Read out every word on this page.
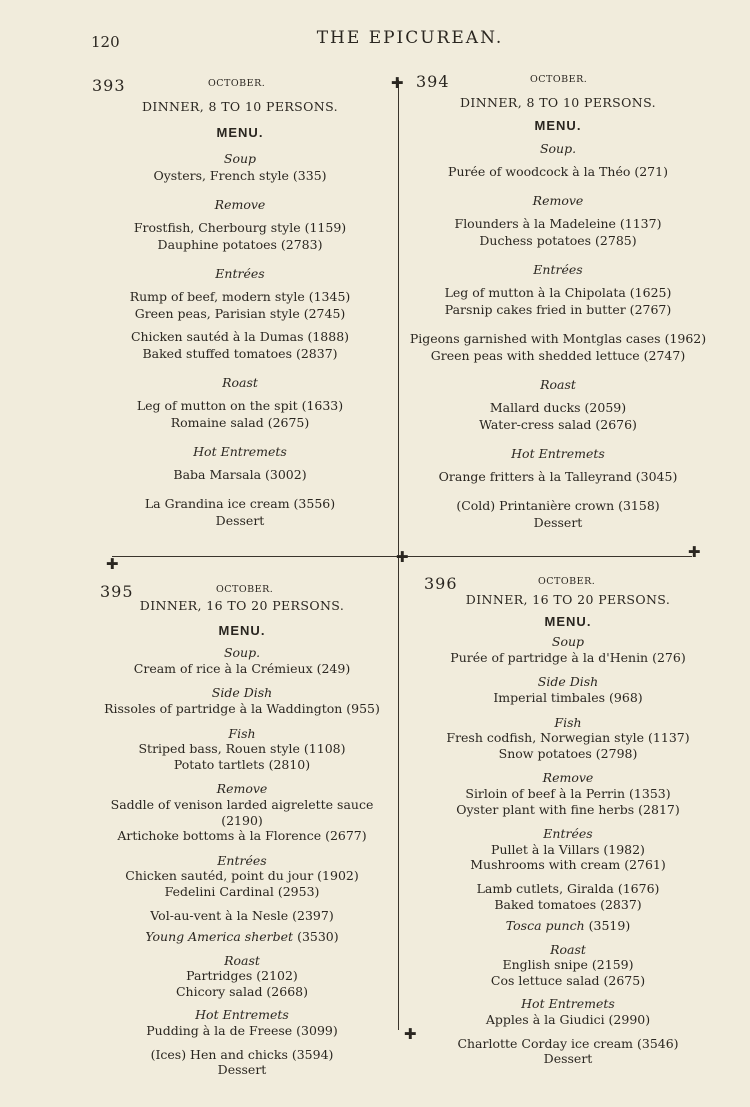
120	THE EPICUREAN.
✚
✚	✚	✚
✚
393	OCTOBER.
DINNER, 8 TO 10 PERSONS.
MENU.
Soup
Oysters, French style (335)
Remove
Frostfish, Cherbourg style (1159)
Dauphine potatoes (2783)
Entrées
Rump of beef, modern style (1345)
Green peas, Parisian style (2745)
Chicken sautéd à la Dumas (1888)
Baked stuffed tomatoes (2837)
Roast
Leg of mutton on the spit (1633)
Romaine salad (2675)
Hot Entremets
Baba Marsala (3002)
La Grandina ice cream (3556)
Dessert
394	OCTOBER.
DINNER, 8 TO 10 PERSONS.
MENU.
Soup.
Purée of woodcock à la Théo (271)
Remove
Flounders à la Madeleine (1137)
Duchess potatoes (2785)
Entrées
Leg of mutton à la Chipolata (1625)
Parsnip cakes fried in butter (2767)
Pigeons garnished with Montglas cases (1962)
Green peas with shedded lettuce (2747)
Roast
Mallard ducks (2059)
Water-cress salad (2676)
Hot Entremets
Orange fritters à la Talleyrand (3045)
(Cold) Printanière crown (3158)
Dessert
395	OCTOBER.
DINNER, 16 TO 20 PERSONS.
MENU.
Soup.
Cream of rice à la Crémieux (249)
Side Dish
Rissoles of partridge à la Waddington (955)
Fish
Striped bass, Rouen style (1108)
Potato tartlets (2810)
Remove
Saddle of venison larded aigrelette sauce
(2190)
Artichoke bottoms à la Florence (2677)
Entrées
Chicken sautéd, point du jour (1902)
Fedelini Cardinal (2953)
Vol-au-vent à la Nesle (2397)
Young America sherbet (3530)
Roast
Partridges (2102)
Chicory salad (2668)
Hot Entremets
Pudding à la de Freese (3099)
(Ices) Hen and chicks (3594)
Dessert
396	OCTOBER.
DINNER, 16 TO 20 PERSONS.
MENU.
Soup
Purée of partridge à la d'Henin (276)
Side Dish
Imperial timbales (968)
Fish
Fresh codfish, Norwegian style (1137)
Snow potatoes (2798)
Remove
Sirloin of beef à la Perrin (1353)
Oyster plant with fine herbs (2817)
Entrées
Pullet à la Villars (1982)
Mushrooms with cream (2761)
Lamb cutlets, Giralda (1676)
Baked tomatoes (2837)
Tosca punch (3519)
Roast
English snipe (2159)
Cos lettuce salad (2675)
Hot Entremets
Apples à la Giudici (2990)
Charlotte Corday ice cream (3546)
Dessert
